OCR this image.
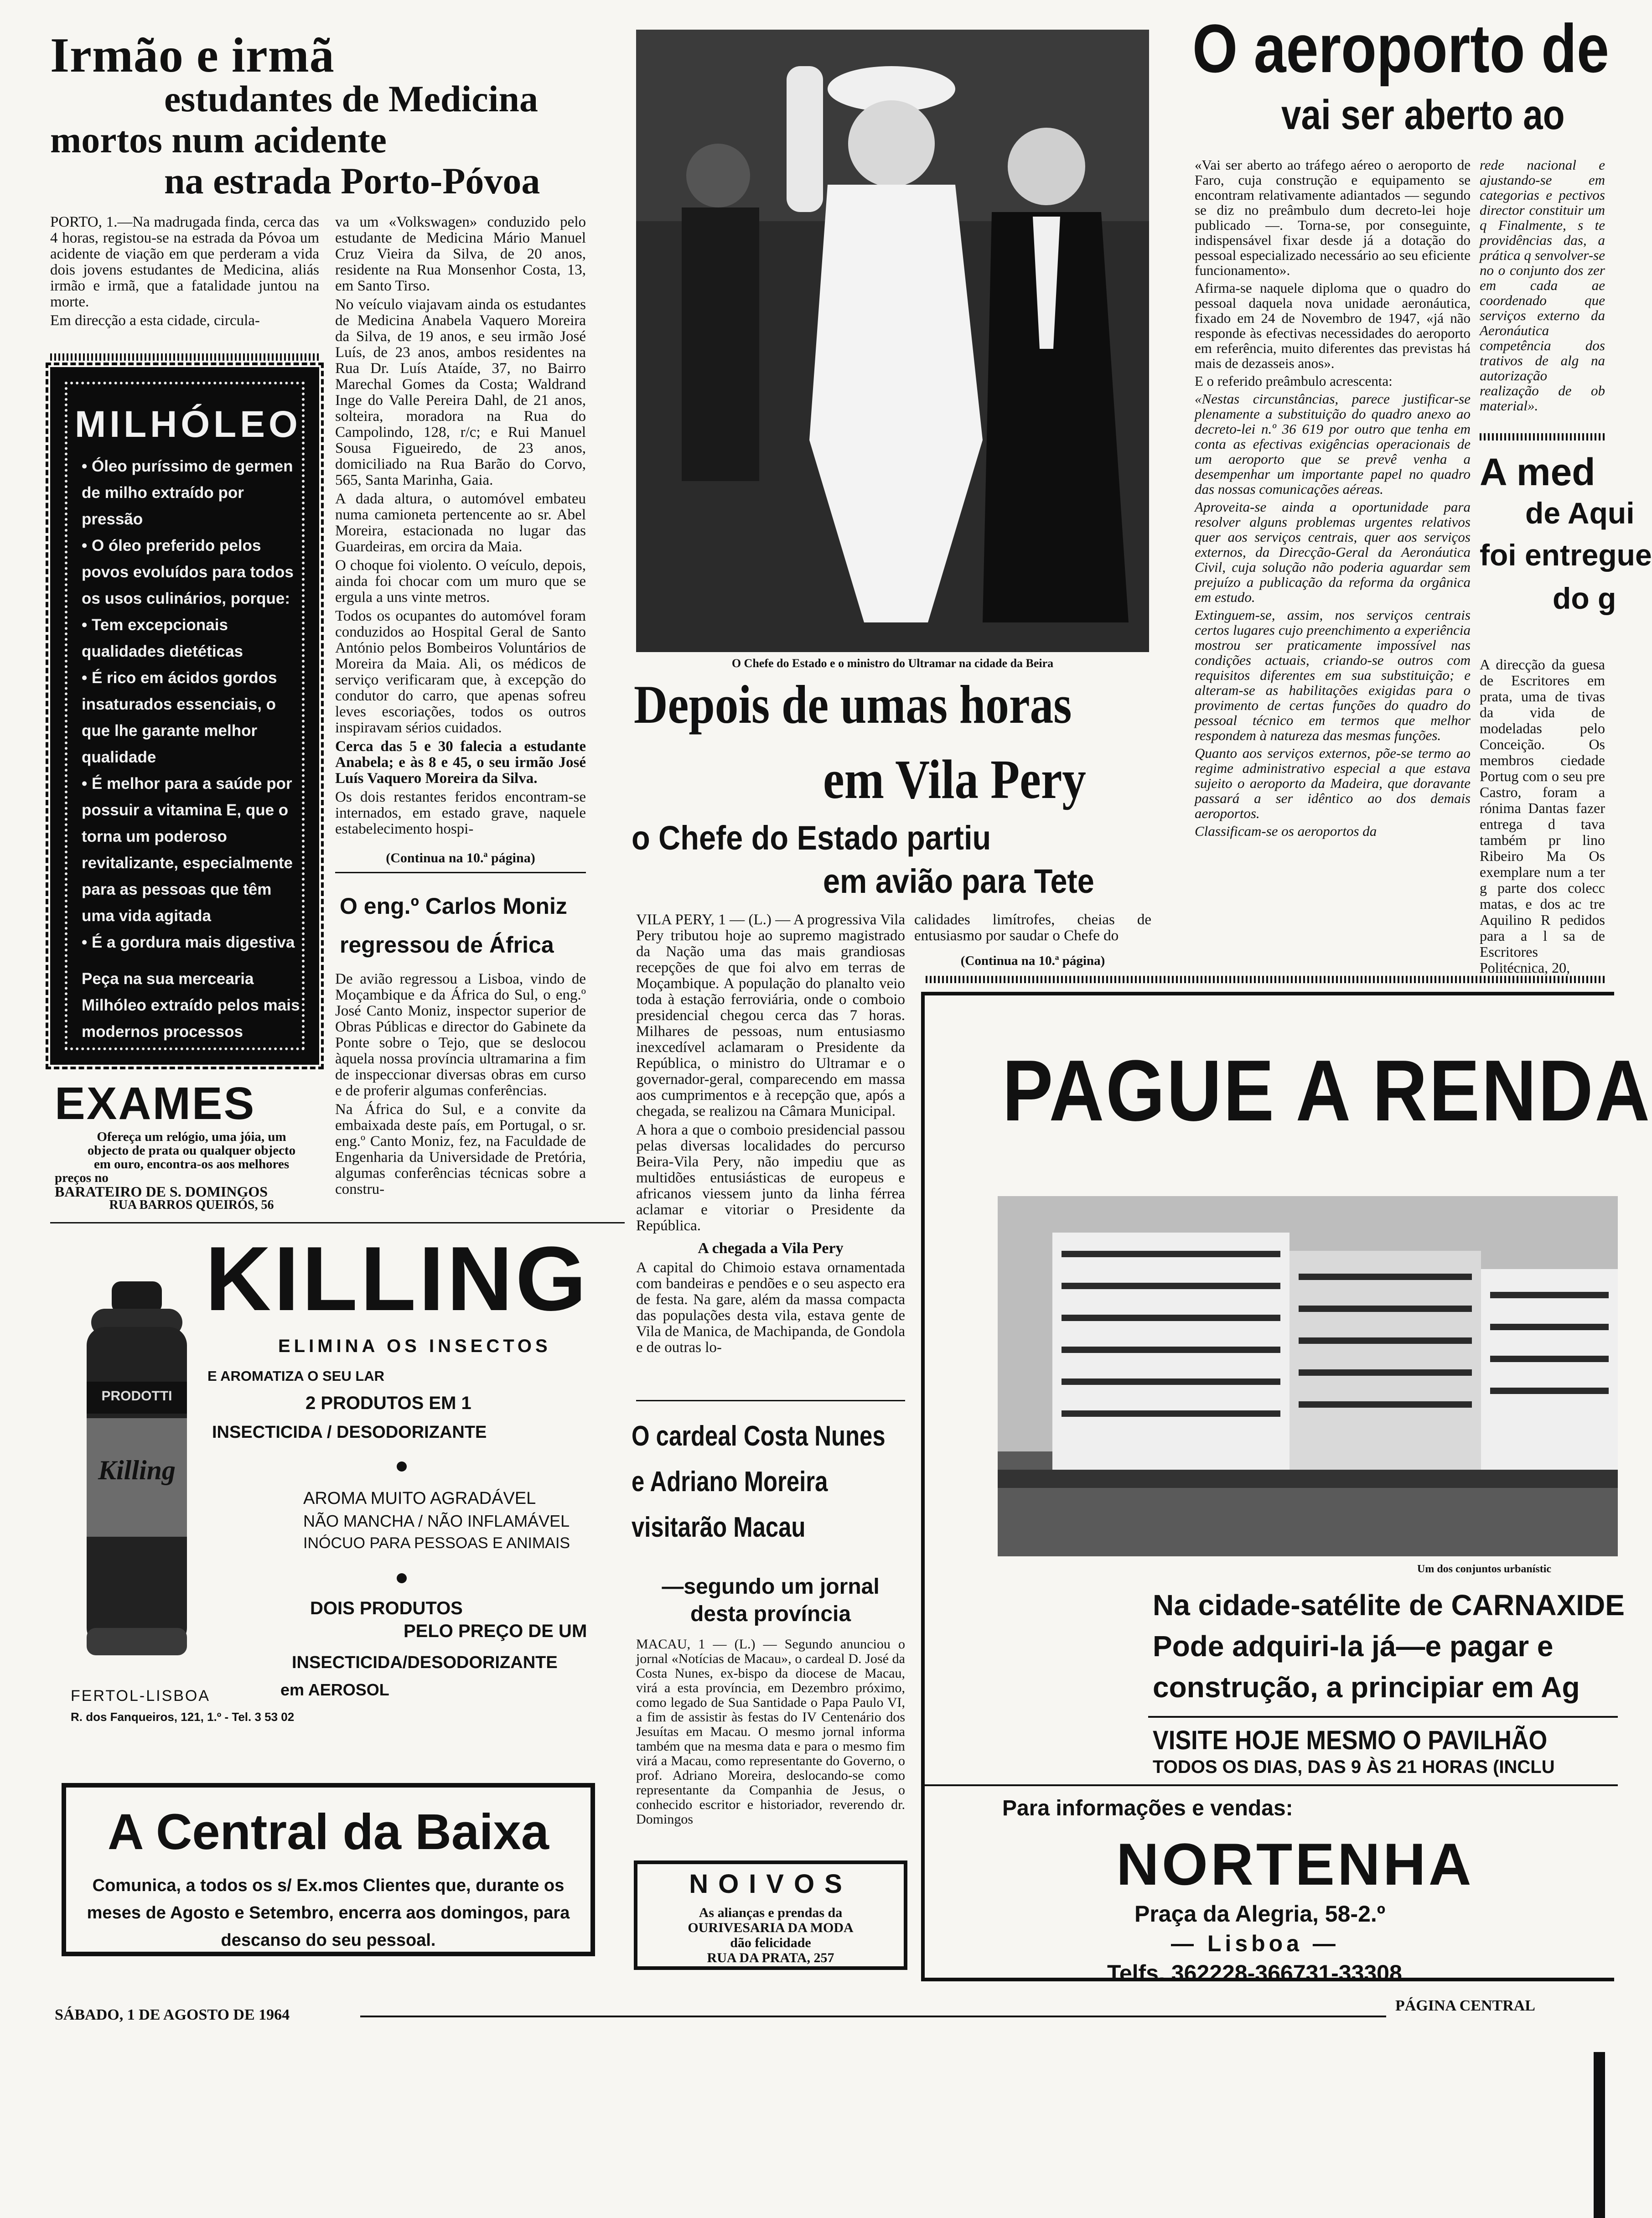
Irmão e irmã
estudantes de Medicina
mortos num acidente
na estrada Porto-Póvoa

PORTO, 1.—Na madrugada finda, cerca das 4 horas, registou-se na estrada da Póvoa um acidente de viação em que perderam a vida dois jovens estudantes de Medicina, aliás irmão e irmã, que a fatalidade juntou na morte.

Em direcção a esta cidade, circula-

va um «Volkswagen» conduzido pelo estudante de Medicina Mário Manuel Cruz Vieira da Silva, de 20 anos, residente na Rua Monsenhor Costa, 13, em Santo Tirso.

No veículo viajavam ainda os estudantes de Medicina Anabela Vaquero Moreira da Silva, de 19 anos, e seu irmão José Luís, de 23 anos, ambos residentes na Rua Dr. Luís Ataíde, 37, no Bairro Marechal Gomes da Costa; Waldrand Inge do Valle Pereira Dahl, de 21 anos, solteira, moradora na Rua do Campolindo, 128, r/c; e Rui Manuel Sousa Figueiredo, de 23 anos, domiciliado na Rua Barão do Corvo, 565, Santa Marinha, Gaia.

A dada altura, o automóvel embateu numa camioneta pertencente ao sr. Abel Moreira, estacionada no lugar das Guardeiras, em orcira da Maia.

O choque foi violento. O veículo, depois, ainda foi chocar com um muro que se ergula a uns vinte metros.

Todos os ocupantes do automóvel foram conduzidos ao Hospital Geral de Santo António pelos Bombeiros Voluntários de Moreira da Maia. Ali, os médicos de serviço verificaram que, à excepção do condutor do carro, que apenas sofreu leves escoriações, todos os outros inspiravam sérios cuidados.

Cerca das 5 e 30 falecia a estudante Anabela; e às 8 e 45, o seu irmão José Luís Vaquero Moreira da Silva.

Os dois restantes feridos encontram-se internados, em estado grave, naquele estabelecimento hospi-

(Continua na 10.ª página)
O eng.º Carlos Moniz
regressou de África

De avião regressou a Lisboa, vindo de Moçambique e da África do Sul, o eng.º José Canto Moniz, inspector superior de Obras Públicas e director do Gabinete da Ponte sobre o Tejo, que se deslocou àquela nossa província ultramarina a fim de inspeccionar diversas obras em curso e de proferir algumas conferências.

Na África do Sul, e a convite da embaixada deste país, em Portugal, o sr. eng.º Canto Moniz, fez, na Faculdade de Engenharia da Universidade de Pretória, algumas conferências técnicas sobre a constru-

MILHÓLEO
• Óleo puríssimo de germen de milho extraído por pressão
• O óleo preferido pelos povos evoluídos para todos os usos culinários, porque:
• Tem excepcionais qualidades dietéticas
• É rico em ácidos gordos insaturados essenciais, o que lhe garante melhor qualidade
• É melhor para a saúde por possuir a vitamina E, que o torna um poderoso revitalizante, especialmente para as pessoas que têm uma vida agitada
• É a gordura mais digestiva
Peça na sua mercearia Milhóleo extraído pelos mais modernos processos
EXAMES
Ofereça um relógio, uma jóia, um
objecto de prata ou qualquer objecto
em ouro, encontra-os aos melhores
preços no
BARATEIRO DE S. DOMINGOS
RUA BARROS QUEIRÓS, 56
KILLING
PRODOTTI
Killing
ELIMINA OS INSECTOS
E AROMATIZA O SEU LAR
2 PRODUTOS EM 1
INSECTICIDA / DESODORIZANTE
AROMA MUITO AGRADÁVEL
NÃO MANCHA / NÃO INFLAMÁVEL
INÓCUO PARA PESSOAS E ANIMAIS
DOIS PRODUTOS
PELO PREÇO DE UM
INSECTICIDA/DESODORIZANTE
em AEROSOL
FERTOL-LISBOA
R. dos Fanqueiros, 121, 1.º - Tel. 3 53 02
A Central da Baixa
Comunica, a todos os s/ Ex.mos Clientes que, durante os meses de Agosto e Setembro, encerra aos domingos, para descanso do seu pessoal.
O Chefe do Estado e o ministro do Ultramar na cidade da Beira
Depois de umas horas
em Vila Pery
o Chefe do Estado partiu
em avião para Tete

VILA PERY, 1 — (L.) — A progressiva Vila Pery tributou hoje ao supremo magistrado da Nação uma das mais grandiosas recepções de que foi alvo em terras de Moçambique. A população do planalto veio toda à estação ferroviária, onde o comboio presidencial chegou cerca das 7 horas. Milhares de pessoas, num entusiasmo inexcedível aclamaram o Presidente da República, o ministro do Ultramar e o governador-geral, comparecendo em massa aos cumprimentos e à recepção que, após a chegada, se realizou na Câmara Municipal.

A hora a que o comboio presidencial passou pelas diversas localidades do percurso Beira-Vila Pery, não impediu que as multidões entusiásticas de europeus e africanos viessem junto da linha férrea aclamar e vitoriar o Presidente da República.

A chegada a Vila Pery

A capital do Chimoio estava ornamentada com bandeiras e pendões e o seu aspecto era de festa. Na gare, além da massa compacta das populações desta vila, estava gente de Vila de Manica, de Machipanda, de Gondola e de outras lo-

calidades limítrofes, cheias de entusiasmo por saudar o Chefe do

(Continua na 10.ª página)
O cardeal Costa Nunes
e Adriano Moreira
visitarão Macau
—segundo um jornal
desta província
MACAU, 1 — (L.) — Segundo anunciou o jornal «Notícias de Macau», o cardeal D. José da Costa Nunes, ex-bispo da diocese de Macau, virá a esta província, em Dezembro próximo, como legado de Sua Santidade o Papa Paulo VI, a fim de assistir às festas do IV Centenário dos Jesuítas em Macau. O mesmo jornal informa também que na mesma data e para o mesmo fim virá a Macau, como representante do Governo, o prof. Adriano Moreira, deslocando-se como representante da Companhia de Jesus, o conhecido escritor e historiador, reverendo dr. Domingos
NOIVOS
As alianças e prendas da
OURIVESARIA DA MODA
dão felicidade
RUA DA PRATA, 257
O aeroporto de
vai ser aberto ao

«Vai ser aberto ao tráfego aéreo o aeroporto de Faro, cuja construção e equipamento se encontram relativamente adiantados — segundo se diz no preâmbulo dum decreto-lei hoje publicado —. Torna-se, por conseguinte, indispensável fixar desde já a dotação do pessoal especializado necessário ao seu eficiente funcionamento».

Afirma-se naquele diploma que o quadro do pessoal daquela nova unidade aeronáutica, fixado em 24 de Novembro de 1947, «já não responde às efectivas necessidades do aeroporto em referência, muito diferentes das previstas há mais de dezasseis anos».

E o referido preâmbulo acrescenta:

«Nestas circunstâncias, parece justificar-se plenamente a substituição do quadro anexo ao decreto-lei n.º 36 619 por outro que tenha em conta as efectivas exigências operacionais de um aeroporto que se prevê venha a desempenhar um importante papel no quadro das nossas comunicações aéreas.

Aproveita-se ainda a oportunidade para resolver alguns problemas urgentes relativos quer aos serviços centrais, quer aos serviços externos, da Direcção-Geral da Aeronáutica Civil, cuja solução não poderia aguardar sem prejuízo a publicação da reforma da orgânica em estudo.

Extinguem-se, assim, nos serviços centrais certos lugares cujo preenchimento a experiência mostrou ser praticamente impossível nas condições actuais, criando-se outros com requisitos diferentes em sua substituição; e alteram-se as habilitações exigidas para o provimento de certas funções do quadro do pessoal técnico em termos que melhor respondem à natureza das mesmas funções.

Quanto aos serviços externos, põe-se termo ao regime administrativo especial a que estava sujeito o aeroporto da Madeira, que doravante passará a ser idêntico ao dos demais aeroportos.

Classificam-se os aeroportos da

rede nacional e ajustando-se em categorias e pectivos director constituir um q Finalmente, s te providências das, a prática q senvolver-se no o conjunto dos zer em cada ae coordenado que serviços externo da Aeronáutica competência dos trativos de alg na autorização realização de ob material».

A med
de Aqui
foi entregue
do g

A direcção da guesa de Escritores em prata, uma de tivas da vida de modeladas pelo Conceição. Os membros ciedade Portug com o seu pre Castro, foram a rónima Dantas fazer entrega d tava também pr lino Ribeiro Ma Os exemplare num a ter g parte dos colecc matas, e dos ac tre Aquilino R pedidos para a l sa de Escritores Politécnica, 20,

PAGUE A RENDA
Um dos conjuntos urbanístic
Na cidade-satélite de CARNAXIDE
Pode adquiri-la já—e pagar e
construção, a principiar em Ag
VISITE HOJE MESMO O PAVILHÃO
TODOS OS DIAS, DAS 9 ÀS 21 HORAS (INCLU
Para informações e vendas:
NORTENHA
Praça da Alegria, 58-2.º
— Lisboa —
Telfs. 362228-366731-33308
SÁBADO, 1 DE AGOSTO DE 1964
PÁGINA CENTRAL
